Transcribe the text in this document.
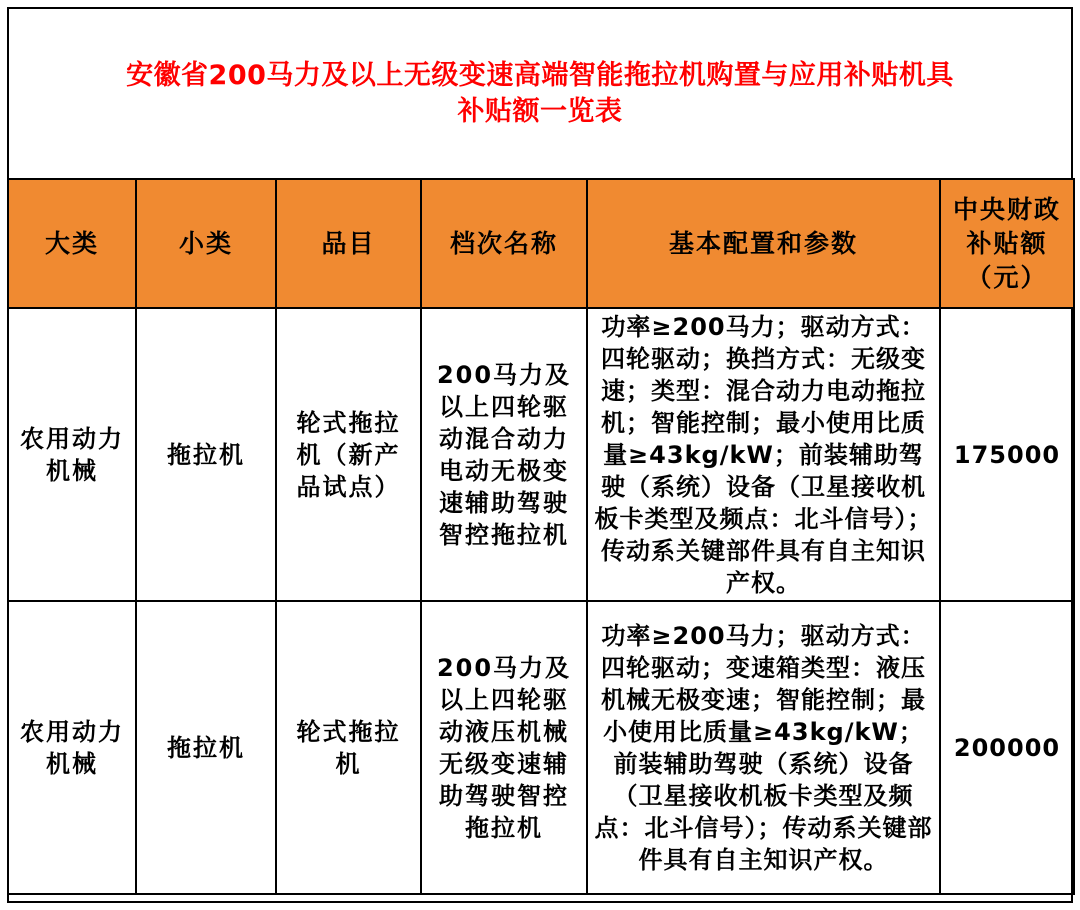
安徽省200马力及以上无级变速高端智能拖拉机购置与应用补贴机具
补贴额一览表
大类	小类	品目	档次名称	基本配置和参数	中央财政补贴额（元）
农用动力机械	拖拉机	轮式拖拉机（新产品试点）	200马力及以上四轮驱动混合动力电动无极变速辅助驾驶智控拖拉机	功率≥200马力；驱动方式：四轮驱动；换挡方式：无级变速；类型：混合动力电动拖拉机；智能控制；最小使用比质量≥43kg/kW；前装辅助驾驶（系统）设备（卫星接收机板卡类型及频点：北斗信号）；传动系关键部件具有自主知识产权。	175000
农用动力机械	拖拉机	轮式拖拉机	200马力及以上四轮驱动液压机械无级变速辅助驾驶智控拖拉机	功率≥200马力；驱动方式：四轮驱动；变速箱类型：液压机械无极变速；智能控制；最小使用比质量≥43kg/kW；前装辅助驾驶（系统）设备（卫星接收机板卡类型及频点：北斗信号）；传动系关键部件具有自主知识产权。	200000
